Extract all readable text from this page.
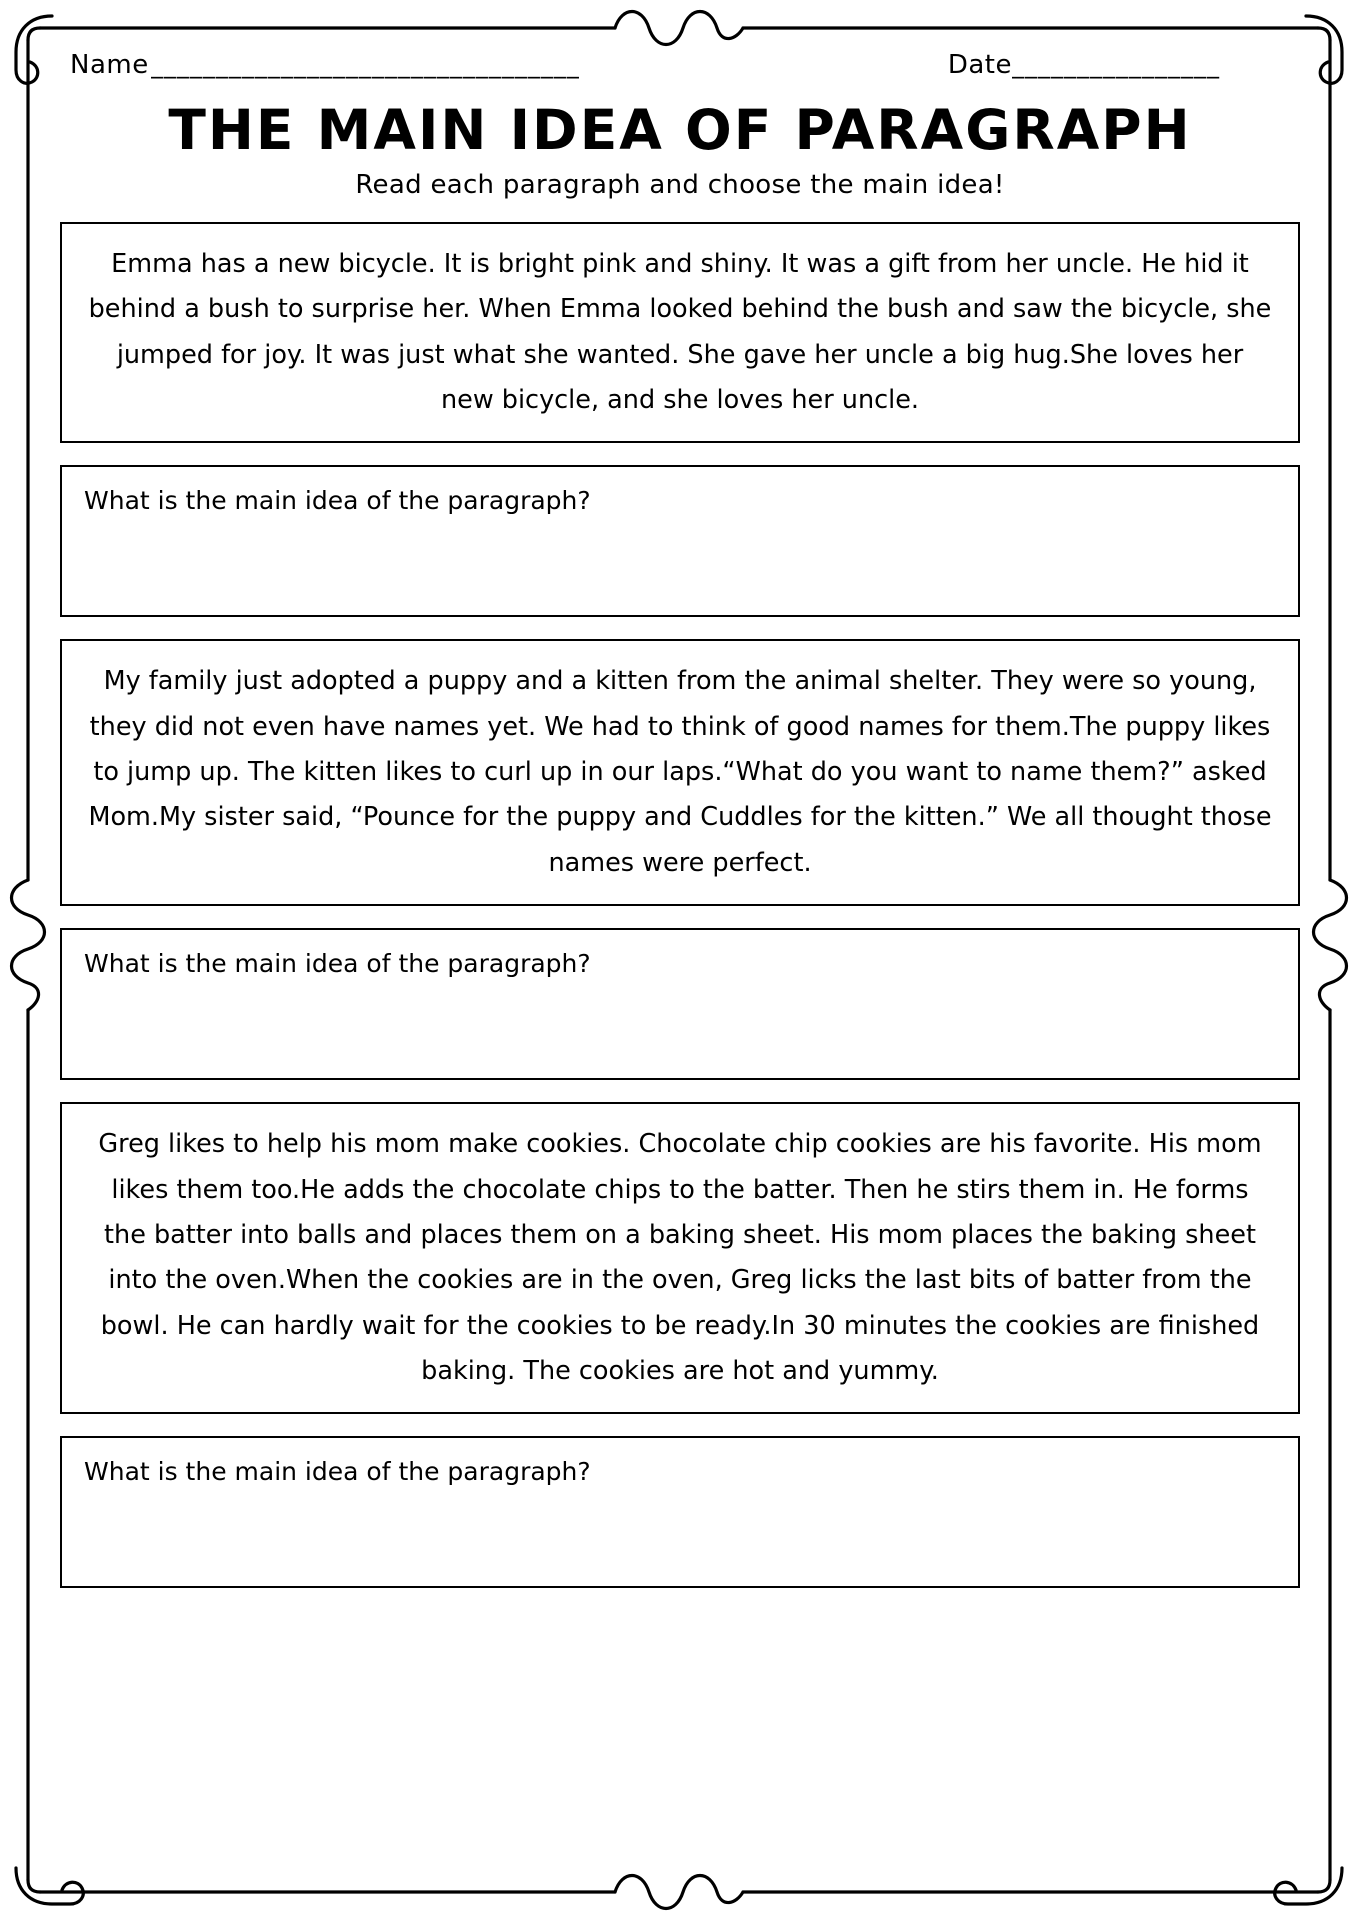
Name _________________________________	Date ________________
THE MAIN IDEA OF PARAGRAPH
Read each paragraph and choose the main idea!

Emma has a new bicycle. It is bright pink and shiny. It was a gift from her uncle. He hid it behind a bush to surprise her. When Emma looked behind the bush and saw the bicycle, she jumped for joy. It was just what she wanted. She gave her uncle a big hug.She loves her new bicycle, and she loves her uncle.

What is the main idea of the paragraph?

My family just adopted a puppy and a kitten from the animal shelter. They were so young, they did not even have names yet. We had to think of good names for them.The puppy likes to jump up. The kitten likes to curl up in our laps.“What do you want to name them?” asked Mom.My sister said, “Pounce for the puppy and Cuddles for the kitten.” We all thought those names were perfect.

What is the main idea of the paragraph?

Greg likes to help his mom make cookies. Chocolate chip cookies are his favorite. His mom likes them too.He adds the chocolate chips to the batter. Then he stirs them in. He forms the batter into balls and places them on a baking sheet. His mom places the baking sheet into the oven.When the cookies are in the oven, Greg licks the last bits of batter from the bowl. He can hardly wait for the cookies to be ready.In 30 minutes the cookies are finished baking. The cookies are hot and yummy.

What is the main idea of the paragraph?
